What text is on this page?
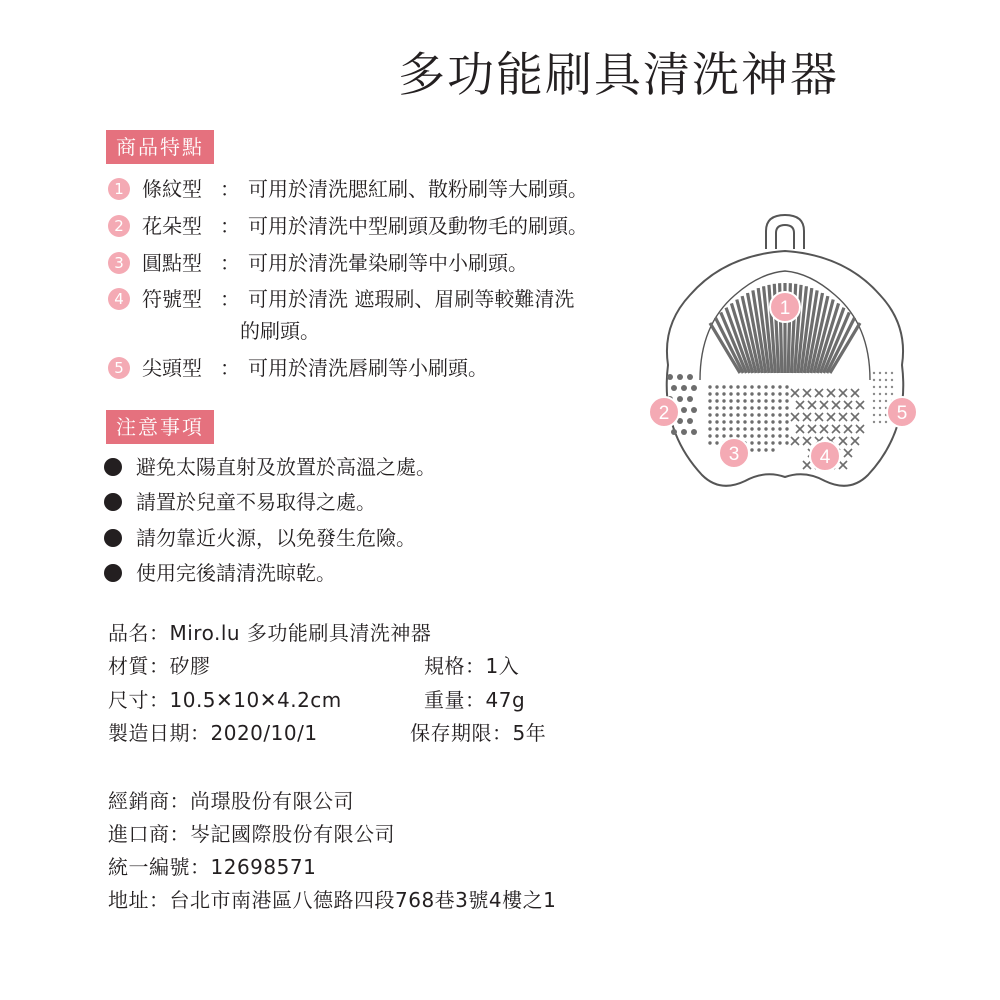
多功能刷具清洗神器
商品特點
1 條紋型 ： 可用於清洗腮紅刷、散粉刷等大刷頭。
2 花朵型 ： 可用於清洗中型刷頭及動物毛的刷頭。
3 圓點型 ： 可用於清洗暈染刷等中小刷頭。
4 符號型 ： 可用於清洗 遮瑕刷、眉刷等較難清洗
的刷頭。
5 尖頭型 ： 可用於清洗唇刷等小刷頭。
注意事項
避免太陽直射及放置於高溫之處。
請置於兒童不易取得之處。
請勿靠近火源，以免發生危險。
使用完後請清洗晾乾。
品名：Miro.lu 多功能刷具清洗神器
材質：矽膠	規格：1入
尺寸：10.5✕10✕4.2cm	重量：47g
製造日期：2020/10/1	保存期限：5年
經銷商：尚璟股份有限公司
進口商：岑記國際股份有限公司
統一編號：12698571
地址：台北市南港區八德路四段768巷3號4樓之1
1
2
3	4
5
